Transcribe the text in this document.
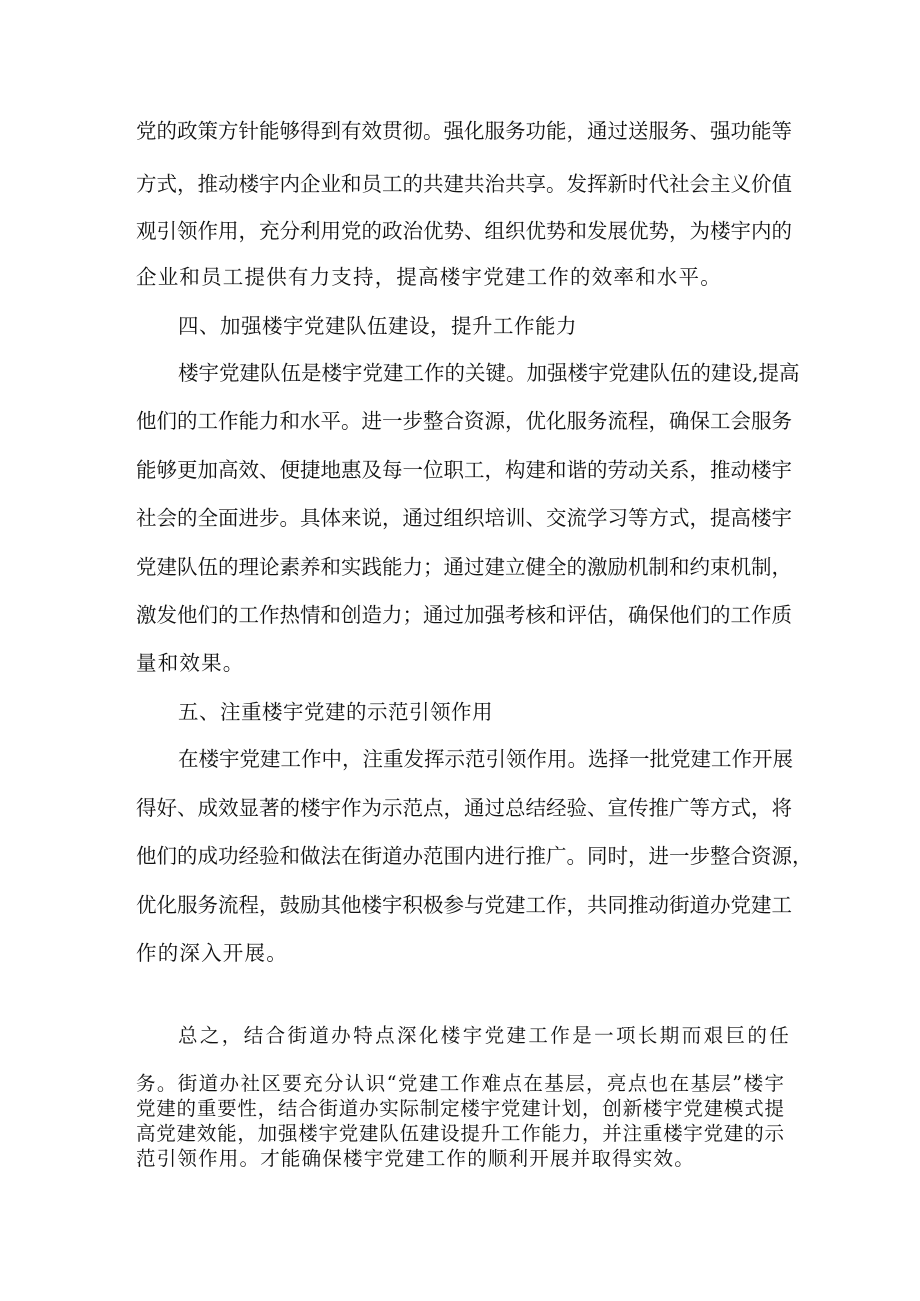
党的政策方针能够得到有效贯彻。强化服务功能，通过送服务、强功能等
方式，推动楼宇内企业和员工的共建共治共享。发挥新时代社会主义价值
观引领作用，充分利用党的政治优势、组织优势和发展优势，为楼宇内的
企业和员工提供有力支持，提高楼宇党建工作的效率和水平。
四、加强楼宇党建队伍建设，提升工作能力
楼宇党建队伍是楼宇党建工作的关键。加强楼宇党建队伍的建设,提高
他们的工作能力和水平。进一步整合资源，优化服务流程，确保工会服务
能够更加高效、便捷地惠及每一位职工，构建和谐的劳动关系，推动楼宇
社会的全面进步。具体来说，通过组织培训、交流学习等方式，提高楼宇
党建队伍的理论素养和实践能力；通过建立健全的激励机制和约束机制，
激发他们的工作热情和创造力；通过加强考核和评估，确保他们的工作质
量和效果。
五、注重楼宇党建的示范引领作用
在楼宇党建工作中，注重发挥示范引领作用。选择一批党建工作开展
得好、成效显著的楼宇作为示范点，通过总结经验、宣传推广等方式，将
他们的成功经验和做法在街道办范围内进行推广。同时，进一步整合资源，
优化服务流程，鼓励其他楼宇积极参与党建工作，共同推动街道办党建工
作的深入开展。
总之，结合街道办特点深化楼宇党建工作是一项长期而艰巨的任
务。街道办社区要充分认识“党建工作难点在基层，亮点也在基层”楼宇
党建的重要性，结合街道办实际制定楼宇党建计划，创新楼宇党建模式提
高党建效能，加强楼宇党建队伍建设提升工作能力，并注重楼宇党建的示
范引领作用。才能确保楼宇党建工作的顺利开展并取得实效。
